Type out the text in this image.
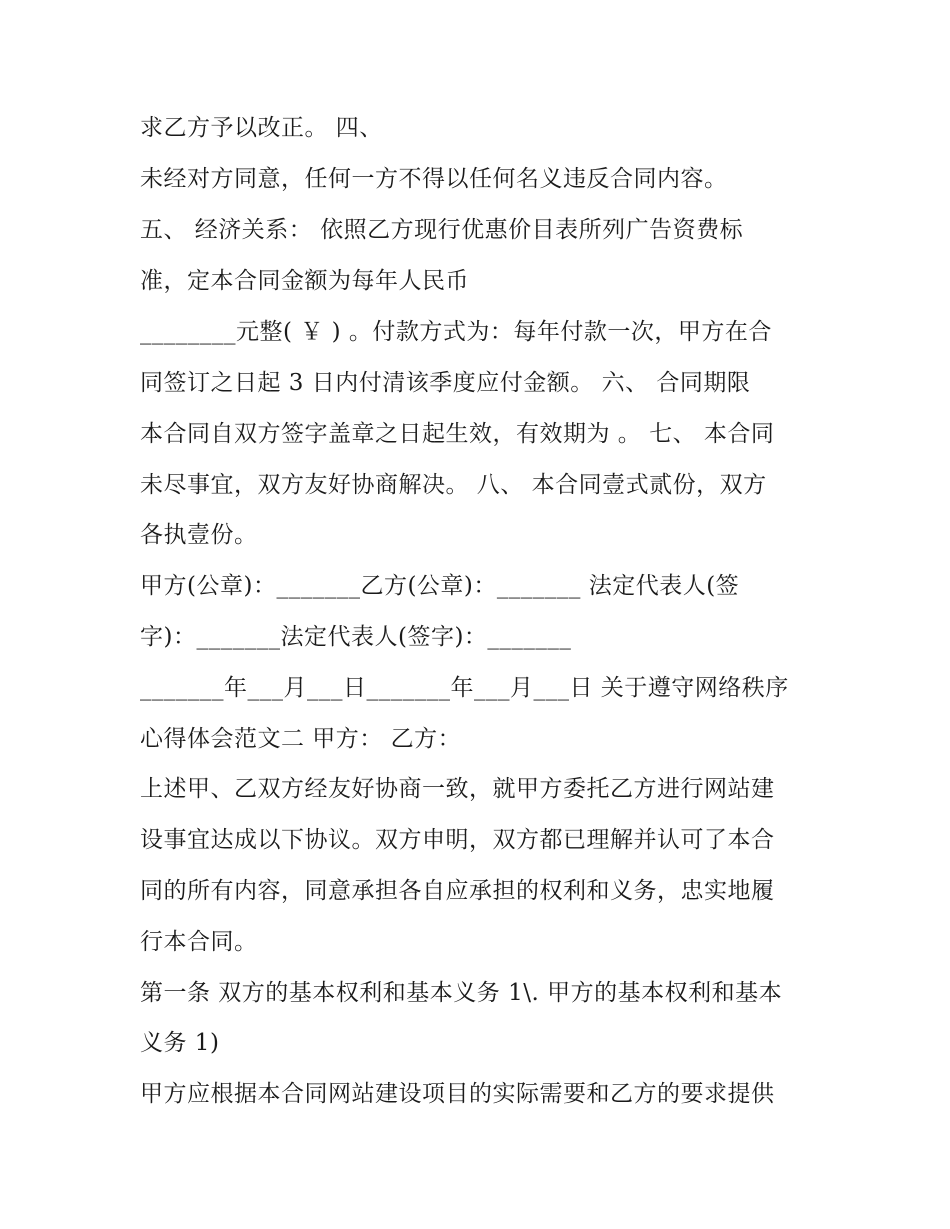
求乙方予以改正。 四、
未经对方同意，任何一方不得以任何名义违反合同内容。
五、 经济关系： 依照乙方现行优惠价目表所列广告资费标
准，定本合同金额为每年人民币
________元整( ￥ ) 。付款方式为：每年付款一次，甲方在合
同签订之日起 3 日内付清该季度应付金额。 六、 合同期限
本合同自双方签字盖章之日起生效，有效期为 。 七、 本合同
未尽事宜，双方友好协商解决。 八、 本合同壹式贰份，双方
各执壹份。
甲方(公章)：_______乙方(公章)：_______ 法定代表人(签
字)：_______法定代表人(签字)：_______
_______年___月___日_______年___月___日 关于遵守网络秩序
心得体会范文二 甲方： 乙方：
上述甲、乙双方经友好协商一致，就甲方委托乙方进行网站建
设事宜达成以下协议。双方申明，双方都已理解并认可了本合
同的所有内容，同意承担各自应承担的权利和义务，忠实地履
行本合同。
第一条 双方的基本权利和基本义务 1\. 甲方的基本权利和基本
义务 1)
甲方应根据本合同网站建设项目的实际需要和乙方的要求提供
